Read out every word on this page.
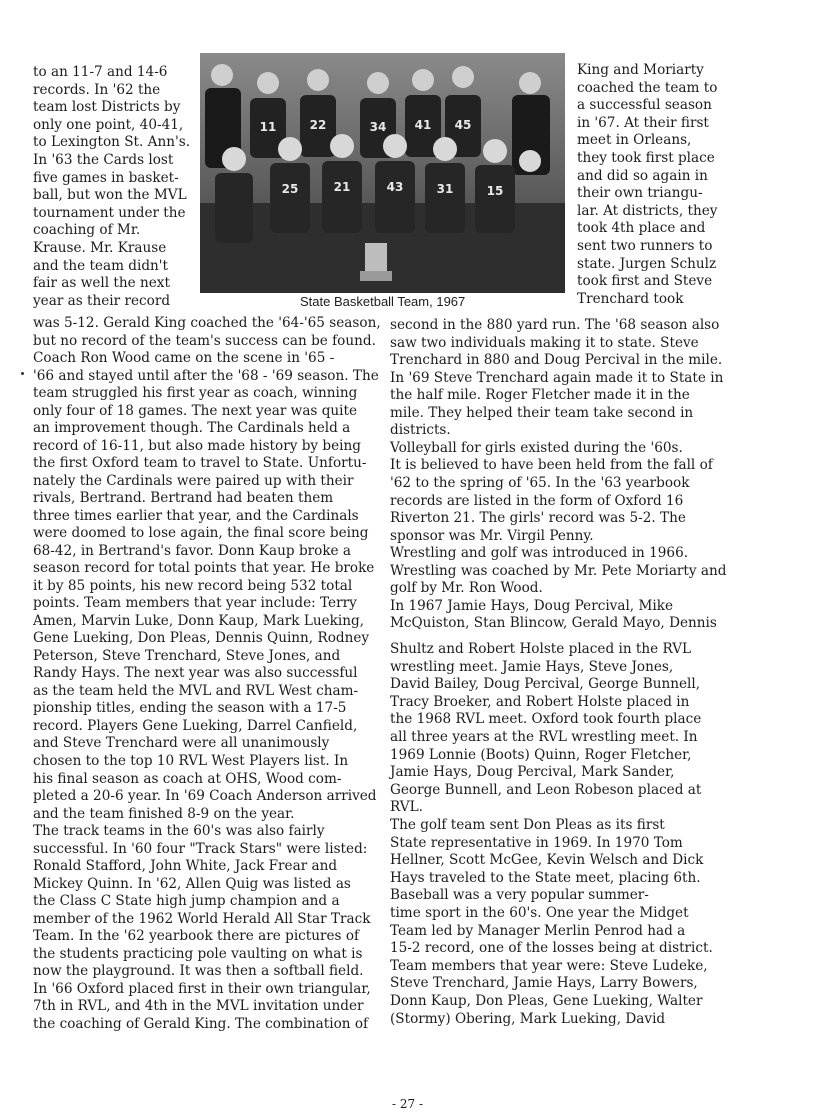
to an 11-7 and 14-6
records. In '62 the
team lost Districts by
only one point, 40-41,
to Lexington St. Ann's.
In '63 the Cards lost
five games in basket-
ball, but won the MVL
tournament under the
coaching of Mr.
Krause. Mr. Krause
and the team didn't
fair as well the next
year as their record
King and Moriarty
coached the team to
a successful season
in '67. At their first
meet in Orleans,
they took first place
and did so again in
their own triangu-
lar. At districts, they
took 4th place and
sent two runners to
state. Jurgen Schulz
took first and Steve
Trenchard took
11	22	34 41 45
25	21	43	31	15
State Basketball Team, 1967
was 5-12. Gerald King coached the '64-'65 season,
but no record of the team's success can be found.
Coach Ron Wood came on the scene in '65 -
'66 and stayed until after the '68 - '69 season. The
team struggled his first year as coach, winning
only four of 18 games. The next year was quite
an improvement though. The Cardinals held a
record of 16-11, but also made history by being
the first Oxford team to travel to State. Unfortu-
nately the Cardinals were paired up with their
rivals, Bertrand. Bertrand had beaten them
three times earlier that year, and the Cardinals
were doomed to lose again, the final score being
68-42, in Bertrand's favor. Donn Kaup broke a
season record for total points that year. He broke
it by 85 points, his new record being 532 total
points. Team members that year include: Terry
Amen, Marvin Luke, Donn Kaup, Mark Lueking,
Gene Lueking, Don Pleas, Dennis Quinn, Rodney
Peterson, Steve Trenchard, Steve Jones, and
Randy Hays. The next year was also successful
as the team held the MVL and RVL West cham-
pionship titles, ending the season with a 17-5
record. Players Gene Lueking, Darrel Canfield,
and Steve Trenchard were all unanimously
chosen to the top 10 RVL West Players list. In
his final season as coach at OHS, Wood com-
pleted a 20-6 year. In '69 Coach Anderson arrived
and the team finished 8-9 on the year.
The track teams in the 60's was also fairly
successful. In '60 four "Track Stars" were listed:
Ronald Stafford, John White, Jack Frear and
Mickey Quinn. In '62, Allen Quig was listed as
the Class C State high jump champion and a
member of the 1962 World Herald All Star Track
Team. In the '62 yearbook there are pictures of
the students practicing pole vaulting on what is
now the playground. It was then a softball field.
In '66 Oxford placed first in their own triangular,
7th in RVL, and 4th in the MVL invitation under
the coaching of Gerald King. The combination of
second in the 880 yard run. The '68 season also
saw two individuals making it to state. Steve
Trenchard in 880 and Doug Percival in the mile.
In '69 Steve Trenchard again made it to State in
the half mile. Roger Fletcher made it in the
mile. They helped their team take second in
districts.
Volleyball for girls existed during the '60s.
It is believed to have been held from the fall of
'62 to the spring of '65. In the '63 yearbook
records are listed in the form of Oxford 16
Riverton 21. The girls' record was 5-2. The
sponsor was Mr. Virgil Penny.
Wrestling and golf was introduced in 1966.
Wrestling was coached by Mr. Pete Moriarty and
golf by Mr. Ron Wood.
In 1967 Jamie Hays, Doug Percival, Mike
McQuiston, Stan Blincow, Gerald Mayo, Dennis
Shultz and Robert Holste placed in the RVL
wrestling meet. Jamie Hays, Steve Jones,
David Bailey, Doug Percival, George Bunnell,
Tracy Broeker, and Robert Holste placed in
the 1968 RVL meet. Oxford took fourth place
all three years at the RVL wrestling meet. In
1969 Lonnie (Boots) Quinn, Roger Fletcher,
Jamie Hays, Doug Percival, Mark Sander,
George Bunnell, and Leon Robeson placed at
RVL.
The golf team sent Don Pleas as its first
State representative in 1969. In 1970 Tom
Hellner, Scott McGee, Kevin Welsch and Dick
Hays traveled to the State meet, placing 6th.
Baseball was a very popular summer-
time sport in the 60's. One year the Midget
Team led by Manager Merlin Penrod had a
15-2 record, one of the losses being at district.
Team members that year were: Steve Ludeke,
Steve Trenchard, Jamie Hays, Larry Bowers,
Donn Kaup, Don Pleas, Gene Lueking, Walter
(Stormy) Obering, Mark Lueking, David
- 27 -
